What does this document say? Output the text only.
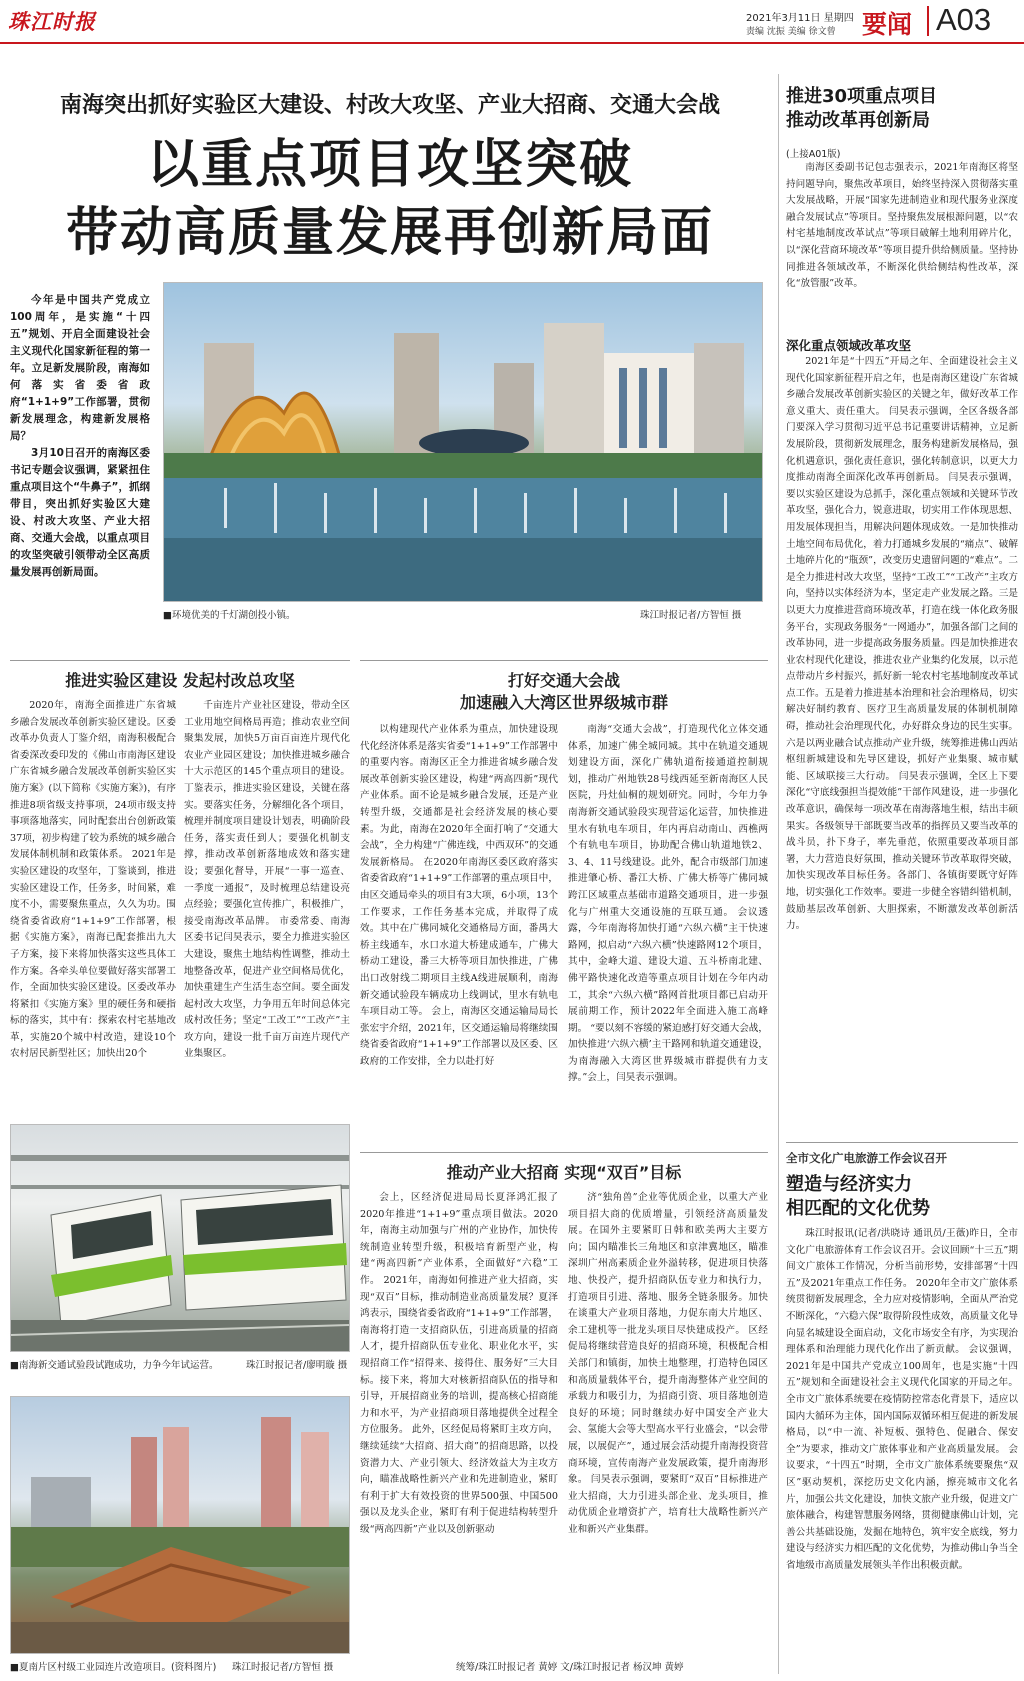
珠江时报	2021年3月11日 星期四
责编 沈振 美编 徐文曾 要闻 A03
南海突出抓好实验区大建设、村改大攻坚、产业大招商、交通大会战
以重点项目攻坚突破
带动高质量发展再创新局面

今年是中国共产党成立100周年，是实施“十四五”规划、开启全面建设社会主义现代化国家新征程的第一年。立足新发展阶段，南海如何落实省委省政府“1+1+9”工作部署，贯彻新发展理念，构建新发展格局？

3月10日召开的南海区委书记专题会议强调，紧紧扭住重点项目这个“牛鼻子”，抓纲带目，突出抓好实验区大建设、村改大攻坚、产业大招商、交通大会战，以重点项目的攻坚突破引领带动全区高质量发展再创新局面。

■环境优美的千灯湖创投小镇。	珠江时报记者/方智恒 摄
推进30项重点项目
推动改革再创新局
(上接A01版)
南海区委副书记包志强表示，2021年南海区将坚持问题导向，聚焦改革项目，始终坚持深入贯彻落实重大发展战略，开展“国家先进制造业和现代服务业深度融合发展试点”等项目。坚持聚焦发展根源问题，以“农村宅基地制度改革试点”等项目破解土地利用碎片化，以“深化营商环境改革”等项目提升供给侧质量。坚持协同推进各领域改革，不断深化供给侧结构性改革，深化“放管服”改革。
深化重点领域改革攻坚
2021年是“十四五”开局之年、全面建设社会主义现代化国家新征程开启之年，也是南海区建设广东省城乡融合发展改革创新实验区的关键之年，做好改革工作意义重大、责任重大。 闫昊表示强调，全区各级各部门要深入学习贯彻习近平总书记重要讲话精神，立足新发展阶段，贯彻新发展理念，服务构建新发展格局，强化机遇意识，强化责任意识，强化转制意识，以更大力度推动南海全面深化改革再创新局。 闫昊表示强调，要以实验区建设为总抓手，深化重点领域和关键环节改革攻坚，强化合力，锐意进取，切实用工作体现思想、用发展体现担当，用解决问题体现成效。一是加快推动土地空间布局优化，着力打通城乡发展的“痛点”、破解土地碎片化的“瓶颈”，改变历史遗留问题的“难点”。二是全力推进村改大攻坚，坚持“工改工”“工改产”主攻方向，坚持以实体经济为本，坚定走产业发展之路。三是以更大力度推进营商环境改革，打造在线一体化政务服务平台，实现政务服务“一网通办”，加强各部门之间的改革协同，进一步提高政务服务质量。四是加快推进农业农村现代化建设，推进农业产业集约化发展，以示范点带动片乡村振兴，抓好新一轮农村宅基地制度改革试点工作。五是着力推进基本治理和社会治理格局，切实解决好制约教育、医疗卫生高质量发展的体制机制障碍，推动社会治理现代化，办好群众身边的民生实事。六是以两业融合试点推动产业升级，统筹推进佛山西站枢纽新城建设和先导区建设，抓好产业集聚、城市赋能、区域联接三大行动。 闫昊表示强调，全区上下要深化“守底线强担当提效能”干部作风建设，进一步强化改革意识，确保每一项改革在南海落地生根，结出丰硕果实。各级领导干部既要当改革的指挥员又要当改革的战斗员，扑下身子，率先垂范，依照重要改革项目部署，大力营造良好氛围，推动关键环节改革取得突破，加快实现改革目标任务。各部门、各镇街要既守好阵地，切实强化工作效率。要进一步健全容错纠错机制，鼓励基层改革创新、大胆探索，不断激发改革创新活力。
全市文化广电旅游工作会议召开
塑造与经济实力
相匹配的文化优势
珠江时报讯(记者/洪晓诗 通讯员/王薇)昨日，全市文化广电旅游体育工作会议召开。会议回顾“十三五”期间文广旅体工作情况，分析当前形势，安排部署“十四五”及2021年重点工作任务。 2020年全市文广旅体系统贯彻新发展理念，全力应对疫情影响，全面从严治党不断深化，“六稳六保”取得阶段性成效，高质量文化导向显名城建设全面启动，文化市场安全有序，为实现治理体系和治理能力现代化作出了新贡献。 会议强调，2021年是中国共产党成立100周年，也是实施“十四五”规划和全面建设社会主义现代化国家的开局之年。全市文广旅体系统要在疫情防控常态化背景下，适应以国内大循环为主体，国内国际双循环相互促进的新发展格局，以“中一流、补短板、强特色、促融合、保安全”为要求，推动文广旅体事业和产业高质量发展。 会议要求，“十四五”时期，全市文广旅体系统要聚焦“双区”驱动契机，深挖历史文化内涵，擦亮城市文化名片，加强公共文化建设，加快文旅产业升级，促进文广旅体融合，构建智慧服务网络，贯彻健康佛山计划，完善公共基础设施，发掘在地特色，筑牢安全底线，努力建设与经济实力相匹配的文化优势，为推动佛山争当全省地级市高质量发展领头羊作出积极贡献。
推进实验区建设 发起村改总攻坚
2020年，南海全面推进广东省城乡融合发展改革创新实验区建设。区委改革办负责人丁鉴介绍，南海积极配合省委深改委印发的《佛山市南海区建设广东省城乡融合发展改革创新实验区实施方案》(以下简称《实施方案》)，有序推进8项省级支持事项，24项市级支持事项落地落实，同时配套出台创新政策37项，初步构建了较为系统的城乡融合发展体制机制和政策体系。 2021年是实验区建设的攻坚年，丁鉴谈到，推进实验区建设工作，任务多，时间紧，难度不小，需要聚焦重点，久久为功。围绕省委省政府“1+1+9”工作部署，根据《实施方案》，南海已配套推出九大子方案，接下来将加快落实这些具体工作方案。各牵头单位要做好落实部署工作，全面加快实验区建设。区委改革办将紧扣《实施方案》里的硬任务和硬指标的落实，其中有：探索农村宅基地改革，实施20个城中村改造，建设10个农村居民新型社区；加快出20个
千亩连片产业社区建设，带动全区工业用地空间格局再造；推动农业空间聚集发展，加快5万亩百亩连片现代化农业产业园区建设；加快推进城乡融合十大示范区的145个重点项目的建设。 丁鉴表示，推进实验区建设，关键在落实。要落实任务，分解细化各个项目，梳理并制度项目建设计划表，明确阶段任务，落实责任到人；要强化机制支撑，推动改革创新落地成效和落实建设；要强化督导，开展“一事一巡查、一季度一通报”，及时梳理总结建设亮点经验；要强化宣传推广，积极推广，接受南海改革品牌。 市委常委、南海区委书记闫昊表示，要全力推进实验区大建设，聚焦土地结构性调整，推动土地整备改革，促进产业空间格局优化，加快重建生产生活生态空间。要全面发起村改大攻坚，力争用五年时间总体完成村改任务；坚定“工改工”“工改产”主攻方向，建设一批千亩万亩连片现代产业集聚区。
打好交通大会战
加速融入大湾区世界级城市群
以构建现代产业体系为重点，加快建设现代化经济体系是落实省委“1+1+9”工作部署中的重要内容。南海区正全力推进省城乡融合发展改革创新实验区建设，构建“两高四新”现代产业体系。面不论是城乡融合发展，还是产业转型升级，交通都是社会经济发展的核心要素。为此，南海在2020年全面打响了“交通大会战”，全力构建“广佛连线，中西双环”的交通发展新格局。 在2020年南海区委区政府落实省委省政府“1+1+9”工作部署的重点项目中，由区交通局牵头的项目有3大项，6小项，13个工作要求，工作任务基本完成，并取得了成效。其中在广佛同城化交通格局方面，番禺大桥主线通车，水口水道大桥建成通车，广佛大桥动工建设，番三大桥等项目加快推进，广佛出口改射线二期项目主线A线进展顺利，南海新交通试验段车辆成功上线调试，里水有轨电车项目动工等。 会上，南海区交通运输局局长张宏宇介绍，2021年，区交通运输局将继续围绕省委省政府“1+1+9”工作部署以及区委、区政府的工作安排，全力以赴打好
南海“交通大会战”，打造现代化立体交通体系，加速广佛全城同城。其中在轨道交通规划建设方面，深化广佛轨道衔接通道控制规划，推动广州地铁28号线西延至新南海区人民医院，丹灶仙桐的规划研究。同时，今年力争南海新交通试验段实现营运化运营，加快推进里水有轨电车项目，年内再启动南山、西樵两个有轨电车项目，协助配合佛山轨道地铁2、3、4、11号线建设。此外，配合市级部门加速推进肇心桥、番江大桥、广佛大桥等广佛同城跨江区域重点基础市道路交通项目，进一步强化与广州重大交通设施的互联互通。 会议透露，今年南海将加快打通“六纵六横”主干快速路网，拟启动“六纵六横”快速路网12个项目，其中，金峰大道、建设大道、五斗桥南北建、佛平路快速化改造等重点项目计划在今年内动工，其余“六纵六横”路网首批项目都已启动开展前期工作，预计2022年全面进入施工高峰期。 “要以刻不容缓的紧迫感打好交通大会战，加快推进‘六纵六横’主干路网和轨道交通建设，为南海融入大湾区世界级城市群提供有力支撑。”会上，闫昊表示强调。
■南海新交通试验段试跑成功，力争今年试运营。	珠江时报记者/廖明璇 摄
■夏南片区村级工业园连片改造项目。(资料图片) 珠江时报记者/方智恒 摄
推动产业大招商 实现“双百”目标
会上，区经济促进局局长夏泽鸿汇报了2020年推进“1+1+9”重点项目做法。2020年，南海主动加强与广州的产业协作，加快传统制造业转型升级，积极培育新型产业，构建“两高四新”产业体系，全面做好“六稳”工作。 2021年，南海如何推进产业大招商，实现“双百”目标，推动制造业高质量发展？夏泽鸿表示，围绕省委省政府“1+1+9”工作部署，南海将打造一支招商队伍，引进高质量的招商人才，提升招商队伍专业化、职业化水平，实现招商工作“招得来、接得住、服务好”三大目标。接下来，将加大对核新招商队伍的指导和引导，开展招商业务的培训，提高核心招商能力和水平，为产业招商项目落地提供全过程全方位服务。 此外，区经促局将紧盯主攻方向，继续延续“大招商、招大商”的招商思路，以投资潜力大、产业引领大、经济效益大为主攻方向，瞄准战略性新兴产业和先进制造业，紧盯有利于扩大有效投资的世界500强、中国500强以及龙头企业，紧盯有利于促进结构转型升级“两高四新”产业以及创新驱动
济“独角兽”企业等优质企业，以重大产业项目招大商的优质增量，引领经济高质量发展。在国外主要紧盯日韩和欧美两大主要方向；国内瞄准长三角地区和京津冀地区，瞄准深圳广州高素质企业外溢转移，促进项目快落地、快投产，提升招商队伍专业力和执行力，打造项目引进、落地、服务全链条服务。加快在谈重大产业项目落地，力促东南大片地区、余工建机等一批龙头项目尽快建成投产。 区经促局将继续营造良好的招商环境，积极配合相关部门和镇街，加快土地整理，打造特色园区和高质量载体平台，提升南海整体产业空间的承载力和吸引力，为招商引资、项目落地创造良好的环境；同时继续办好中国安全产业大会、氢能大会等大型高水平行业盛会，“以会带展，以展促产”，通过展会活动提升南海投资营商环境，宣传南海产业发展政策，提升南海形象。 闫昊表示强调，要紧盯“双百”目标推进产业大招商，大力引进头部企业、龙头项目，推动优质企业增资扩产，培育壮大战略性新兴产业和新兴产业集群。
统筹/珠江时报记者 黄婷 文/珠江时报记者 杨汉坤 黄婷
